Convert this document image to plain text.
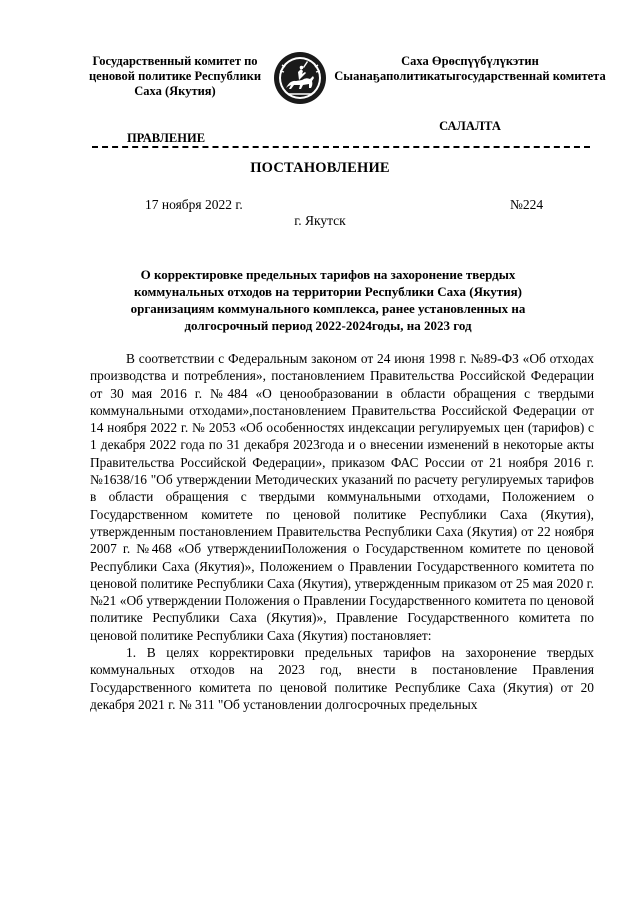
Государственный комитет по ценовой политике Республики Саха (Якутия)
Саха Өрөспүүбүлүкэтин Сыанаҕаполитикатыгосударственнай комитета
ПРАВЛЕНИЕ
САЛАЛТА
ПОСТАНОВЛЕНИЕ
17 ноября 2022 г.	№224
г. Якутск
О корректировке предельных тарифов на захоронение твердых коммунальных отходов на территории Республики Саха (Якутия) организациям коммунального комплекса, ранее установленных на долгосрочный период 2022-2024годы, на 2023 год

В соответствии с Федеральным законом от 24 июня 1998 г. №89-ФЗ «Об отходах производства и потребления», постановлением Правительства Российской Федерации от 30 мая 2016 г. №484 «О ценообразовании в области обращения с твердыми коммунальными отходами»,постановлением Правительства Российской Федерации от 14 ноября 2022 г. № 2053 «Об особенностях индексации регулируемых цен (тарифов) с 1 декабря 2022 года по 31 декабря 2023года и о внесении изменений в некоторые акты Правительства Российской Федерации», приказом ФАС России от 21 ноября 2016 г. №1638/16 "Об утверждении Методических указаний по расчету регулируемых тарифов в области обращения с твердыми коммунальными отходами, Положением о Государственном комитете по ценовой политике Республики Саха (Якутия), утвержденным постановлением Правительства Республики Саха (Якутия) от 22 ноября 2007 г. №468 «Об утвержденииПоложения о Государственном комитете по ценовой Республики Саха (Якутия)», Положением о Правлении Государственного комитета по ценовой политике Республики Саха (Якутия), утвержденным приказом от 25 мая 2020 г.№21 «Об утверждении Положения о Правлении Государственного комитета по ценовой политике Республики Саха (Якутия)», Правление Государственного комитета по ценовой политике Республики Саха (Якутия) постановляет:

1. В целях корректировки предельных тарифов на захоронение твердых коммунальных отходов на 2023 год, внести в постановление Правления Государственного комитета по ценовой политике Республике Саха (Якутия) от 20 декабря 2021 г. № 311 "Об установлении долгосрочных предельных
